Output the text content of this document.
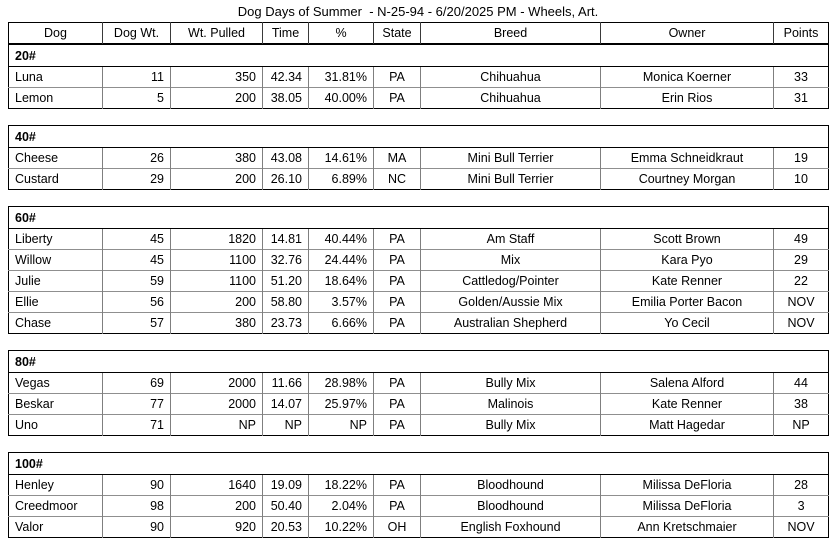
Dog Days of Summer  - N-25-94 - 6/20/2025 PM - Wheels, Art.
Dog	Dog Wt.	Wt. Pulled	Time	%	State	Breed	Owner	Points
20#								
Luna	11	350	42.34	31.81%	PA	Chihuahua	Monica Koerner	33
Lemon	5	200	38.05	40.00%	PA	Chihuahua	Erin Rios	31
40#								
Cheese	26	380	43.08	14.61%	MA	Mini Bull Terrier	Emma Schneidkraut	19
Custard	29	200	26.10	6.89%	NC	Mini Bull Terrier	Courtney Morgan	10
60#								
Liberty	45	1820	14.81	40.44%	PA	Am Staff	Scott Brown	49
Willow	45	1100	32.76	24.44%	PA	Mix	Kara Pyo	29
Julie	59	1100	51.20	18.64%	PA	Cattledog/Pointer	Kate Renner	22
Ellie	56	200	58.80	3.57%	PA	Golden/Aussie Mix	Emilia Porter Bacon	NOV
Chase	57	380	23.73	6.66%	PA	Australian Shepherd	Yo Cecil	NOV
80#								
Vegas	69	2000	11.66	28.98%	PA	Bully Mix	Salena Alford	44
Beskar	77	2000	14.07	25.97%	PA	Malinois	Kate Renner	38
Uno	71	NP	NP	NP	PA	Bully Mix	Matt Hagedar	NP
100#								
Henley	90	1640	19.09	18.22%	PA	Bloodhound	Milissa DeFloria	28
Creedmoor	98	200	50.40	2.04%	PA	Bloodhound	Milissa DeFloria	3
Valor	90	920	20.53	10.22%	OH	English Foxhound	Ann Kretschmaier	NOV
